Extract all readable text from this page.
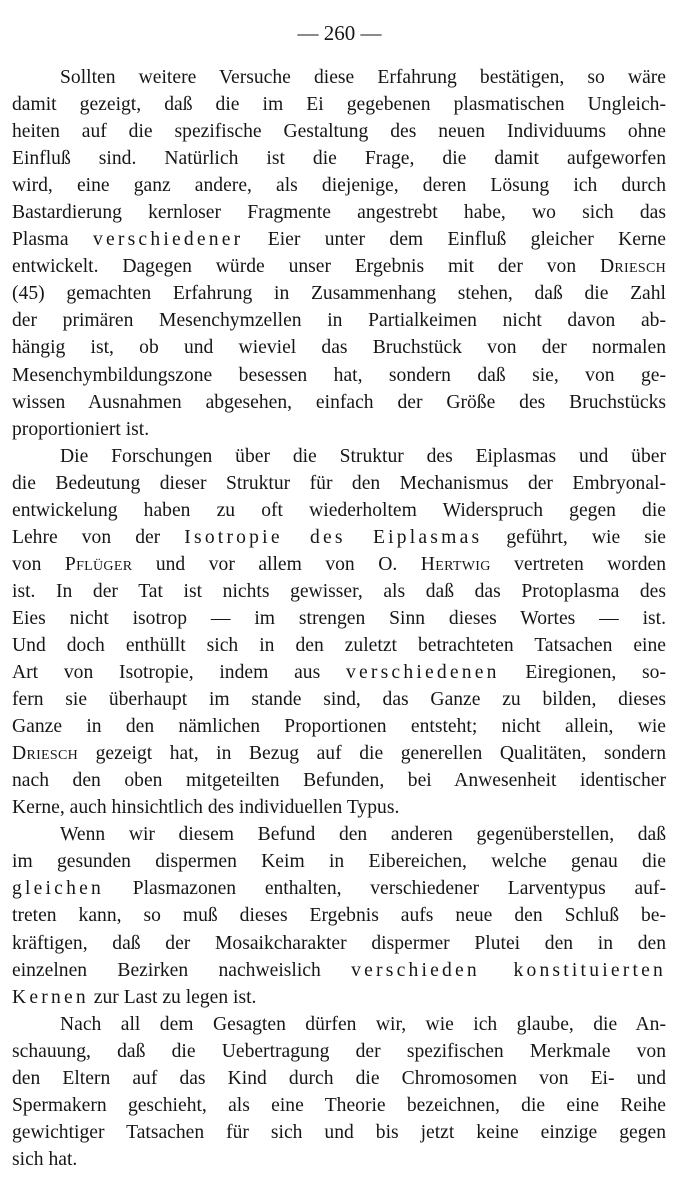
— 260 —
Sollten weitere Versuche diese Erfahrung bestätigen, so wäre
damit gezeigt, daß die im Ei gegebenen plasmatischen Ungleich-
heiten auf die spezifische Gestaltung des neuen Individuums ohne
Einfluß sind. Natürlich ist die Frage, die damit aufgeworfen
wird, eine ganz andere, als diejenige, deren Lösung ich durch
Bastardierung kernloser Fragmente angestrebt habe, wo sich das
Plasma verschiedener Eier unter dem Einfluß gleicher Kerne
entwickelt. Dagegen würde unser Ergebnis mit der von Driesch
(45) gemachten Erfahrung in Zusammenhang stehen, daß die Zahl
der primären Mesenchymzellen in Partialkeimen nicht davon ab-
hängig ist, ob und wieviel das Bruchstück von der normalen
Mesenchymbildungszone besessen hat, sondern daß sie, von ge-
wissen Ausnahmen abgesehen, einfach der Größe des Bruchstücks
proportioniert ist.
Die Forschungen über die Struktur des Eiplasmas und über
die Bedeutung dieser Struktur für den Mechanismus der Embryonal-
entwickelung haben zu oft wiederholtem Widerspruch gegen die
Lehre von der Isotropie des Eiplasmas geführt, wie sie
von Pflüger und vor allem von O. Hertwig vertreten worden
ist. In der Tat ist nichts gewisser, als daß das Protoplasma des
Eies nicht isotrop — im strengen Sinn dieses Wortes — ist.
Und doch enthüllt sich in den zuletzt betrachteten Tatsachen eine
Art von Isotropie, indem aus verschiedenen Eiregionen, so-
fern sie überhaupt im stande sind, das Ganze zu bilden, dieses
Ganze in den nämlichen Proportionen entsteht; nicht allein, wie
Driesch gezeigt hat, in Bezug auf die generellen Qualitäten, sondern
nach den oben mitgeteilten Befunden, bei Anwesenheit identischer
Kerne, auch hinsichtlich des individuellen Typus.
Wenn wir diesem Befund den anderen gegenüberstellen, daß
im gesunden dispermen Keim in Eibereichen, welche genau die
gleichen Plasmazonen enthalten, verschiedener Larventypus auf-
treten kann, so muß dieses Ergebnis aufs neue den Schluß be-
kräftigen, daß der Mosaikcharakter dispermer Plutei den in den
einzelnen Bezirken nachweislich verschieden konstituierten
Kernen zur Last zu legen ist.
Nach all dem Gesagten dürfen wir, wie ich glaube, die An-
schauung, daß die Uebertragung der spezifischen Merkmale von
den Eltern auf das Kind durch die Chromosomen von Ei- und
Spermakern geschieht, als eine Theorie bezeichnen, die eine Reihe
gewichtiger Tatsachen für sich und bis jetzt keine einzige gegen
sich hat.
